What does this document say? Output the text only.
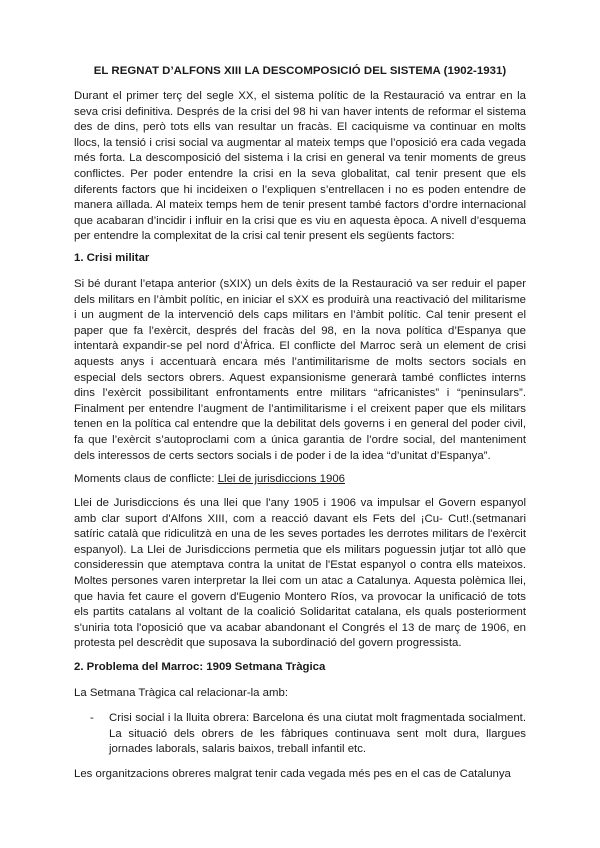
EL REGNAT D’ALFONS XIII LA DESCOMPOSICIÓ DEL SISTEMA (1902-1931)

Durant el primer terç del segle XX, el sistema polític de la Restauració va entrar en la seva crisi definitiva. Després de la crisi del 98 hi van haver intents de reformar el sistema des de dins, però tots ells van resultar un fracàs. El caciquisme va continuar en molts llocs, la tensió i crisi social va augmentar al mateix temps que l’oposició era cada vegada més forta. La descomposició del sistema i la crisi en general va tenir moments de greus conflictes. Per poder entendre la crisi en la seva globalitat, cal tenir present que els diferents factors que hi incideixen o l’expliquen s’entrellacen i no es poden entendre de manera aïllada. Al mateix temps hem de tenir present també factors d’ordre internacional que acabaran d’incidir i influir en la crisi que es viu en aquesta època. A nivell d’esquema per entendre la complexitat de la crisi cal tenir present els següents factors:

1. Crisi militar

Si bé durant l’etapa anterior (sXIX) un dels èxits de la Restauració va ser reduir el paper dels militars en l’àmbit polític, en iniciar el sXX es produirà una reactivació del militarisme i un augment de la intervenció dels caps militars en l’àmbit polític. Cal tenir present el paper que fa l’exèrcit, després del fracàs del 98, en la nova política d’Espanya que intentarà expandir-se pel nord d’Àfrica. El conflicte del Marroc serà un element de crisi aquests anys i accentuarà encara més l’antimilitarisme de molts sectors socials en especial dels sectors obrers. Aquest expansionisme generarà també conflictes interns dins l’exèrcit possibilitant enfrontaments entre militars “africanistes” i “peninsulars”. Finalment per entendre l’augment de l’antimilitarisme i el creixent paper que els militars tenen en la política cal entendre que la debilitat dels governs i en general del poder civil, fa que l’exèrcit s’autoproclami com a única garantia de l’ordre social, del manteniment dels interessos de certs sectors socials i de poder i de la idea “d’unitat d’Espanya”.

Moments claus de conflicte: Llei de jurisdiccions 1906

Llei de Jurisdiccions és una llei que l'any 1905 i 1906 va impulsar el Govern espanyol amb clar suport d'Alfons XIII, com a reacció davant els Fets del ¡Cu- Cut!.(setmanari satíric català que ridiculitzà en una de les seves portades les derrotes militars de l'exèrcit espanyol). La Llei de Jurisdiccions permetia que els militars poguessin jutjar tot allò que consideressin que atemptava contra la unitat de l'Estat espanyol o contra ells mateixos. Moltes persones varen interpretar la llei com un atac a Catalunya. Aquesta polèmica llei, que havia fet caure el govern d'Eugenio Montero Ríos, va provocar la unificació de tots els partits catalans al voltant de la coalició Solidaritat catalana, els quals posteriorment s'uniria tota l'oposició que va acabar abandonant el Congrés el 13 de març de 1906, en protesta pel descrèdit que suposava la subordinació del govern progressista.

2. Problema del Marroc: 1909 Setmana Tràgica

La Setmana Tràgica cal relacionar-la amb:

- Crisi social i la lluita obrera: Barcelona és una ciutat molt fragmentada socialment. La situació dels obrers de les fàbriques continuava sent molt dura, llargues jornades laborals, salaris baixos, treball infantil etc.

Les organitzacions obreres malgrat tenir cada vegada més pes en el cas de Catalunya
